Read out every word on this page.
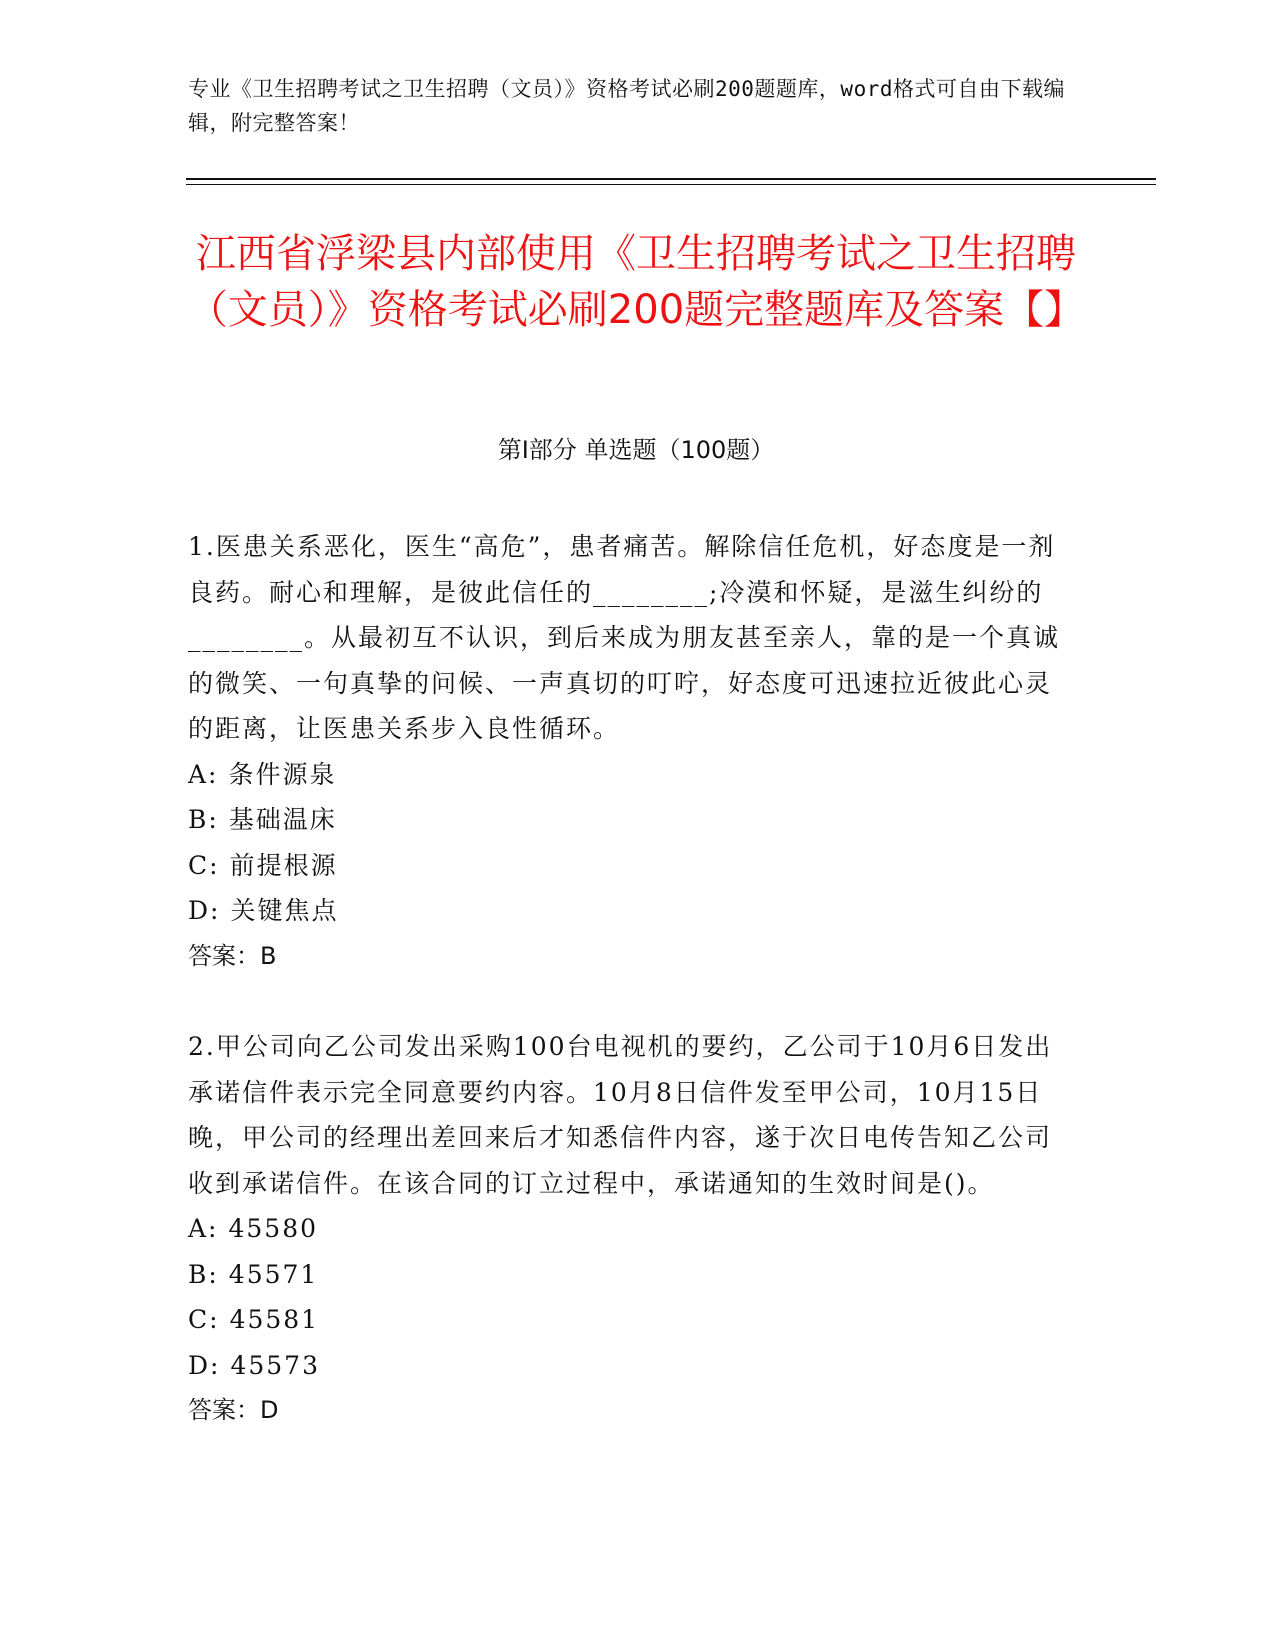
专业《卫生招聘考试之卫生招聘（文员）》资格考试必刷200题题库，word格式可自由下载编辑，附完整答案！
江西省浮梁县内部使用《卫生招聘考试之卫生招聘（文员）》资格考试必刷200题完整题库及答案【】
第Ⅰ部分 单选题（100题）

1.医患关系恶化，医生“高危”，患者痛苦。解除信任危机，好态度是一剂良药。耐心和理解，是彼此信任的________;冷漠和怀疑，是滋生纠纷的________。从最初互不认识，到后来成为朋友甚至亲人，靠的是一个真诚的微笑、一句真挚的问候、一声真切的叮咛，好态度可迅速拉近彼此心灵的距离，让医患关系步入良性循环。

A: 条件源泉

B: 基础温床

C: 前提根源

D: 关键焦点

答案：B

2.甲公司向乙公司发出采购100台电视机的要约，乙公司于10月6日发出承诺信件表示完全同意要约内容。10月8日信件发至甲公司，10月15日晚，甲公司的经理出差回来后才知悉信件内容，遂于次日电传告知乙公司收到承诺信件。在该合同的订立过程中，承诺通知的生效时间是()。

A: 45580

B: 45571

C: 45581

D: 45573

答案：D
